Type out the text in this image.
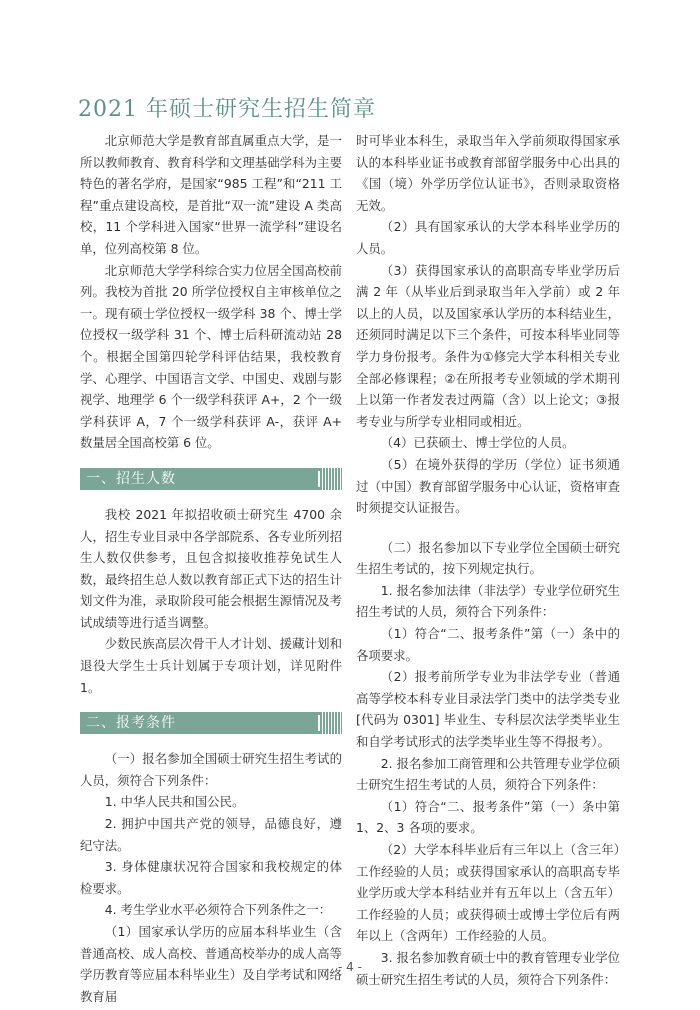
2021 年硕士研究生招生简章

北京师范大学是教育部直属重点大学，是一所以教师教育、教育科学和文理基础学科为主要特色的著名学府，是国家“985 工程”和“211 工程”重点建设高校，是首批“双一流”建设 A 类高校，11 个学科进入国家“世界一流学科”建设名单，位列高校第 8 位。

北京师范大学学科综合实力位居全国高校前列。我校为首批 20 所学位授权自主审核单位之一。现有硕士学位授权一级学科 38 个、博士学位授权一级学科 31 个、博士后科研流动站 28 个。根据全国第四轮学科评估结果，我校教育学、心理学、中国语言文学、中国史、戏剧与影视学、地理学 6 个一级学科获评 A+，2 个一级学科获评 A，7 个一级学科获评 A-，获评 A+ 数量居全国高校第 6 位。

一、招生人数

我校 2021 年拟招收硕士研究生 4700 余人，招生专业目录中各学部院系、各专业所列招生人数仅供参考，且包含拟接收推荐免试生人数，最终招生总人数以教育部正式下达的招生计划文件为准，录取阶段可能会根据生源情况及考试成绩等进行适当调整。

少数民族高层次骨干人才计划、援藏计划和退役大学生士兵计划属于专项计划，详见附件 1。

二、报考条件

（一）报名参加全国硕士研究生招生考试的人员，须符合下列条件：

1. 中华人民共和国公民。

2. 拥护中国共产党的领导，品德良好，遵纪守法。

3. 身体健康状况符合国家和我校规定的体检要求。

4. 考生学业水平必须符合下列条件之一：

（1）国家承认学历的应届本科毕业生（含普通高校、成人高校、普通高校举办的成人高等学历教育等应届本科毕业生）及自学考试和网络教育届

时可毕业本科生，录取当年入学前须取得国家承认的本科毕业证书或教育部留学服务中心出具的《国（境）外学历学位认证书》，否则录取资格无效。

（2）具有国家承认的大学本科毕业学历的人员。

（3）获得国家承认的高职高专毕业学历后满 2 年（从毕业后到录取当年入学前）或 2 年以上的人员，以及国家承认学历的本科结业生，还须同时满足以下三个条件，可按本科毕业同等学力身份报考。条件为①修完大学本科相关专业全部必修课程；②在所报考专业领域的学术期刊上以第一作者发表过两篇（含）以上论文；③报考专业与所学专业相同或相近。

（4）已获硕士、博士学位的人员。

（5）在境外获得的学历（学位）证书须通过（中国）教育部留学服务中心认证，资格审查时须提交认证报告。

（二）报名参加以下专业学位全国硕士研究生招生考试的，按下列规定执行。

1. 报名参加法律（非法学）专业学位研究生招生考试的人员，须符合下列条件：

（1）符合“二、报考条件”第（一）条中的各项要求。

（2）报考前所学专业为非法学专业（普通高等学校本科专业目录法学门类中的法学类专业 [代码为 0301] 毕业生、专科层次法学类毕业生和自学考试形式的法学类毕业生等不得报考）。

2. 报名参加工商管理和公共管理专业学位硕士研究生招生考试的人员，须符合下列条件：

（1）符合“二、报考条件”第（一）条中第 1、2、3 各项的要求。

（2）大学本科毕业后有三年以上（含三年）工作经验的人员；或获得国家承认的高职高专毕业学历或大学本科结业并有五年以上（含五年）工作经验的人员；或获得硕士或博士学位后有两年以上（含两年）工作经验的人员。

3. 报名参加教育硕士中的教育管理专业学位硕士研究生招生考试的人员，须符合下列条件：

- 4 -
